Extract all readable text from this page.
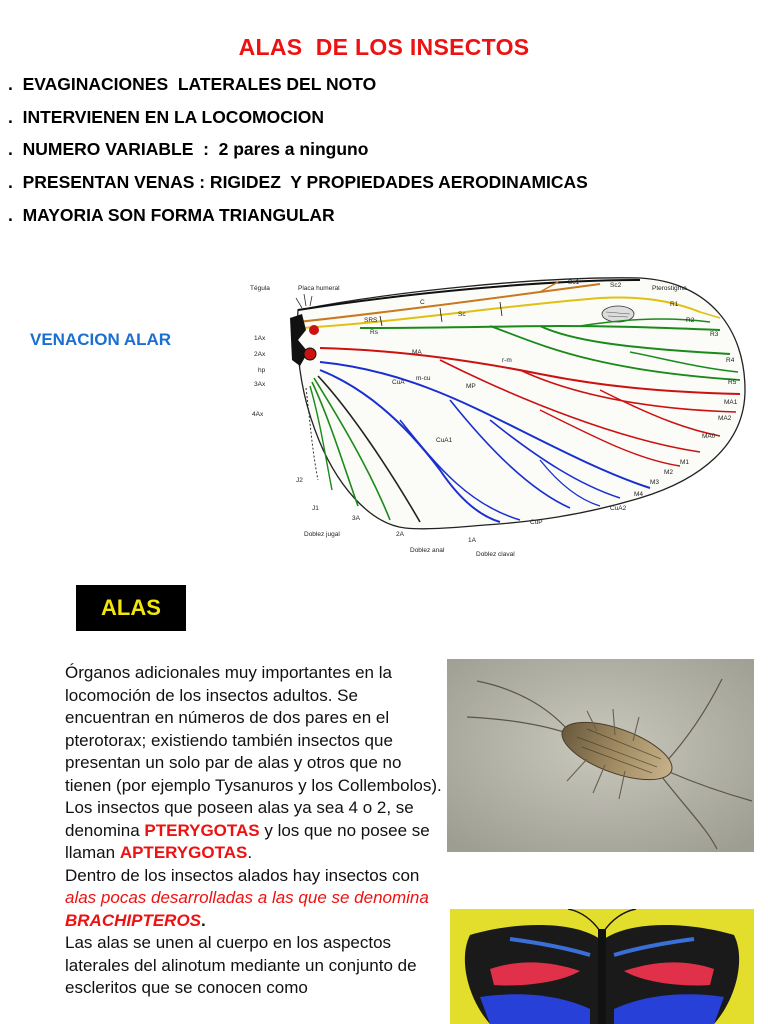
ALAS  DE LOS INSECTOS
.  EVAGINACIONES  LATERALES DEL NOTO
.  INTERVIENEN EN LA LOCOMOCION
.  NUMERO VARIABLE  :  2 pares a ninguno
.  PRESENTAN VENAS : RIGIDEZ  Y PROPIEDADES AERODINAMICAS
.  MAYORIA SON FORMA TRIANGULAR
VENACION ALAR
Tégula	Placa humeral
Sc1	Sc2	Pterostigma
C
Sc
R1
R2
R3
R4
R5
1Ax
2Ax
hp
3Ax
4Ax
SRS
Rs
MA
r-m
m-cu
CuA
MP
MA1
MA2
MA0
M1
M2
M3
M4
CuA1
CuA2
CuP
J2
J1
3A
2A
1A
Doblez jugal
Doblez anal
Doblez claval
ALAS

Órganos adicionales muy importantes en la locomoción de los insectos adultos. Se encuentran en números de dos pares en el pterotorax; existiendo también insectos que presentan un solo par de alas y otros que no tienen (por ejemplo Tysanuros y los Collembolos).

Los insectos que poseen alas ya sea 4 o 2, se denomina PTERYGOTAS y los que no posee se llaman APTERYGOTAS.

Dentro de los insectos alados hay insectos con alas pocas desarrolladas a las que se denomina BRACHIPTEROS.

Las alas se unen al cuerpo en los aspectos laterales del alinotum mediante un conjunto de escleritos que se conocen como
